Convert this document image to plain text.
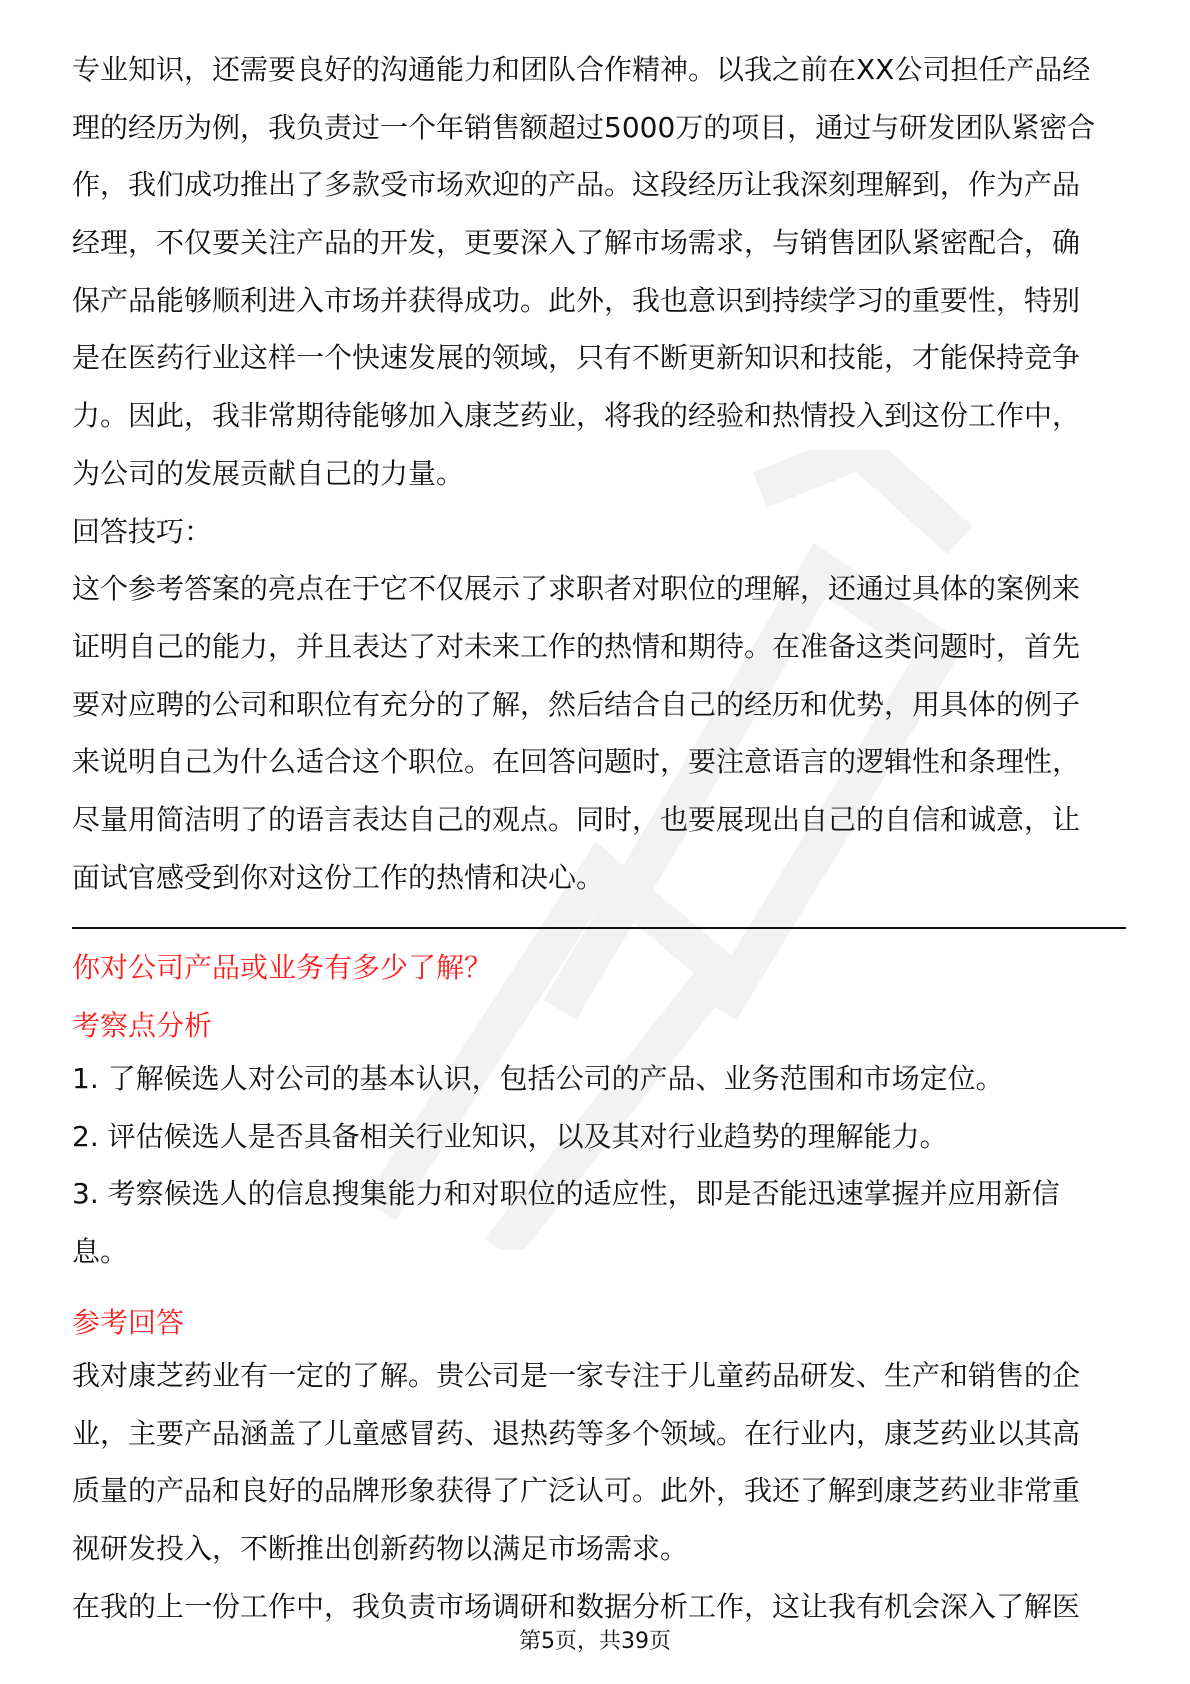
专业知识，还需要良好的沟通能力和团队合作精神。以我之前在XX公司担任产品经
理的经历为例，我负责过一个年销售额超过5000万的项目，通过与研发团队紧密合
作，我们成功推出了多款受市场欢迎的产品。这段经历让我深刻理解到，作为产品
经理，不仅要关注产品的开发，更要深入了解市场需求，与销售团队紧密配合，确
保产品能够顺利进入市场并获得成功。此外，我也意识到持续学习的重要性，特别
是在医药行业这样一个快速发展的领域，只有不断更新知识和技能，才能保持竞争
力。因此，我非常期待能够加入康芝药业，将我的经验和热情投入到这份工作中，
为公司的发展贡献自己的力量。
回答技巧：
这个参考答案的亮点在于它不仅展示了求职者对职位的理解，还通过具体的案例来
证明自己的能力，并且表达了对未来工作的热情和期待。在准备这类问题时，首先
要对应聘的公司和职位有充分的了解，然后结合自己的经历和优势，用具体的例子
来说明自己为什么适合这个职位。在回答问题时，要注意语言的逻辑性和条理性，
尽量用简洁明了的语言表达自己的观点。同时，也要展现出自己的自信和诚意，让
面试官感受到你对这份工作的热情和决心。
你对公司产品或业务有多少了解？
考察点分析
1. 了解候选人对公司的基本认识，包括公司的产品、业务范围和市场定位。
2. 评估候选人是否具备相关行业知识，以及其对行业趋势的理解能力。
3. 考察候选人的信息搜集能力和对职位的适应性，即是否能迅速掌握并应用新信
息。
参考回答
我对康芝药业有一定的了解。贵公司是一家专注于儿童药品研发、生产和销售的企
业，主要产品涵盖了儿童感冒药、退热药等多个领域。在行业内，康芝药业以其高
质量的产品和良好的品牌形象获得了广泛认可。此外，我还了解到康芝药业非常重
视研发投入，不断推出创新药物以满足市场需求。
在我的上一份工作中，我负责市场调研和数据分析工作，这让我有机会深入了解医
第5页，共39页
